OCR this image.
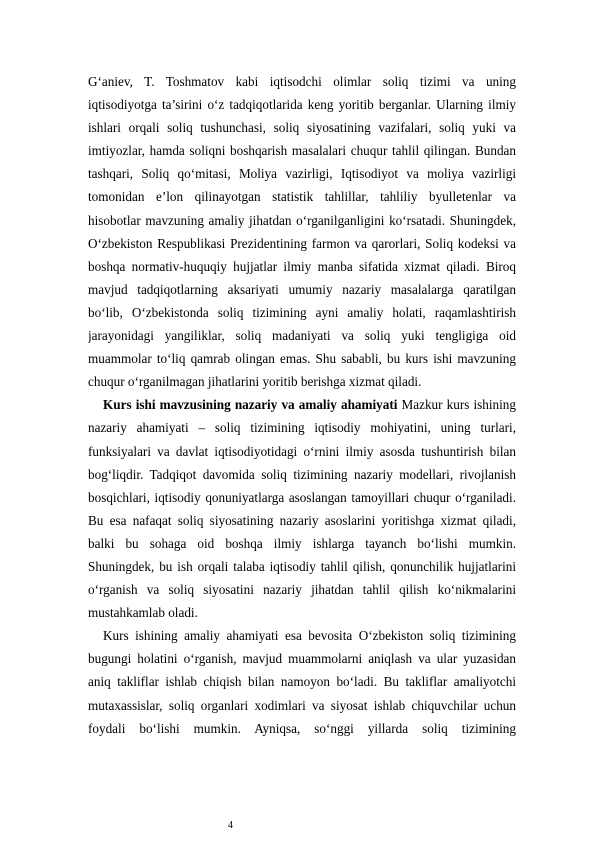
G‘aniev, T. Toshmatov kabi iqtisodchi olimlar soliq tizimi va uning
iqtisodiyotga ta’sirini o‘z tadqiqotlarida keng yoritib berganlar. Ularning ilmiy
ishlari orqali soliq tushunchasi, soliq siyosatining vazifalari, soliq yuki va
imtiyozlar, hamda soliqni boshqarish masalalari chuqur tahlil qilingan. Bundan
tashqari, Soliq qo‘mitasi, Moliya vazirligi, Iqtisodiyot va moliya vazirligi
tomonidan e’lon qilinayotgan statistik tahlillar, tahliliy byulletenlar va
hisobotlar mavzuning amaliy jihatdan o‘rganilganligini ko‘rsatadi. Shuningdek,
O‘zbekiston Respublikasi Prezidentining farmon va qarorlari, Soliq kodeksi va
boshqa normativ-huquqiy hujjatlar ilmiy manba sifatida xizmat qiladi. Biroq
mavjud tadqiqotlarning aksariyati umumiy nazariy masalalarga qaratilgan
bo‘lib, O‘zbekistonda soliq tizimining ayni amaliy holati, raqamlashtirish
jarayonidagi yangiliklar, soliq madaniyati va soliq yuki tengligiga oid
muammolar to‘liq qamrab olingan emas. Shu sababli, bu kurs ishi mavzuning
chuqur o‘rganilmagan jihatlarini yoritib berishga xizmat qiladi.
Kurs ishi mavzusining nazariy va amaliy ahamiyati Mazkur kurs ishining
nazariy ahamiyati – soliq tizimining iqtisodiy mohiyatini, uning turlari,
funksiyalari va davlat iqtisodiyotidagi o‘rnini ilmiy asosda tushuntirish bilan
bog‘liqdir. Tadqiqot davomida soliq tizimining nazariy modellari, rivojlanish
bosqichlari, iqtisodiy qonuniyatlarga asoslangan tamoyillari chuqur o‘rganiladi.
Bu esa nafaqat soliq siyosatining nazariy asoslarini yoritishga xizmat qiladi,
balki bu sohaga oid boshqa ilmiy ishlarga tayanch bo‘lishi mumkin.
Shuningdek, bu ish orqali talaba iqtisodiy tahlil qilish, qonunchilik hujjatlarini
o‘rganish va soliq siyosatini nazariy jihatdan tahlil qilish ko‘nikmalarini
mustahkamlab oladi.
Kurs ishining amaliy ahamiyati esa bevosita O‘zbekiston soliq tizimining
bugungi holatini o‘rganish, mavjud muammolarni aniqlash va ular yuzasidan
aniq takliflar ishlab chiqish bilan namoyon bo‘ladi. Bu takliflar amaliyotchi
mutaxassislar, soliq organlari xodimlari va siyosat ishlab chiquvchilar uchun
foydali bo‘lishi mumkin. Ayniqsa, so‘nggi yillarda soliq tizimining
4
